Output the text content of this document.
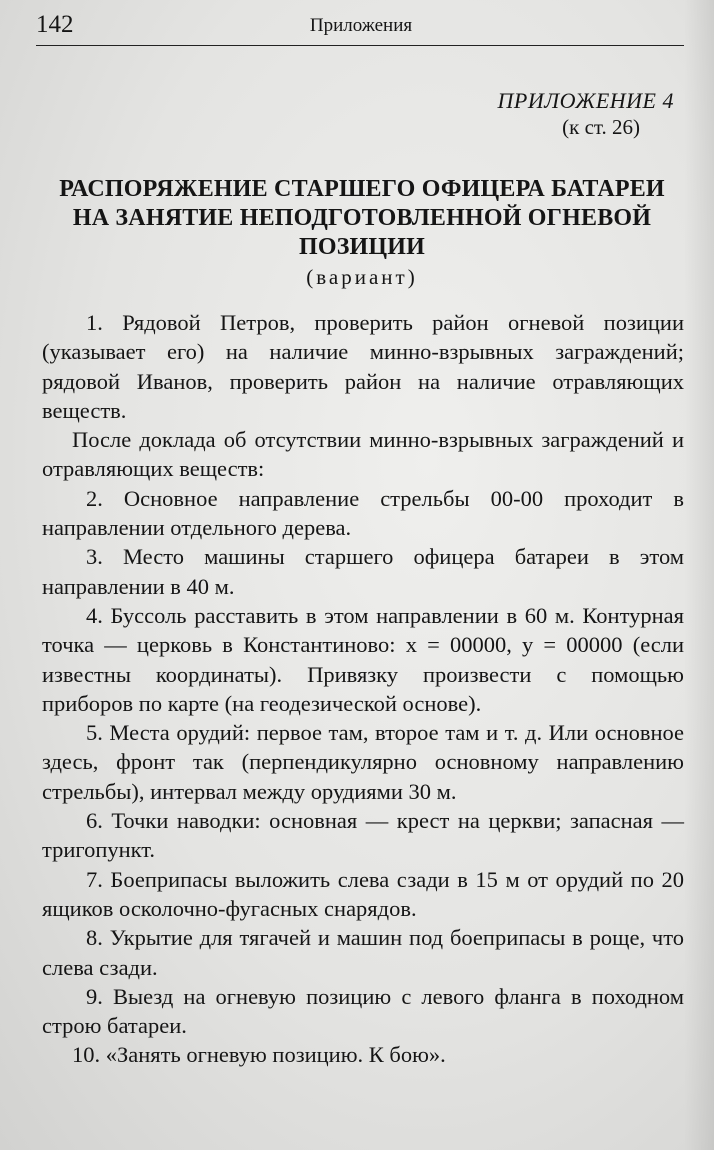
142	Приложения
ПРИЛОЖЕНИЕ 4
(к ст. 26)
РАСПОРЯЖЕНИЕ СТАРШЕГО ОФИЦЕРА БАТАРЕИ НА ЗАНЯТИЕ НЕПОДГОТОВЛЕННОЙ ОГНЕВОЙ ПОЗИЦИИ
(вариант)

1. Рядовой Петров, проверить район огневой позиции (указывает его) на наличие минно-взрывных заграждений; рядовой Иванов, проверить район на наличие отравляющих веществ.

После доклада об отсутствии минно-взрывных заграждений и отравляющих веществ:

2. Основное направление стрельбы 00-00 проходит в направлении отдельного дерева.

3. Место машины старшего офицера батареи в этом направлении в 40 м.

4. Буссоль расставить в этом направлении в 60 м. Контурная точка — церковь в Константиново: x = 00000, y = 00000 (если известны координаты). Привязку произвести с помощью приборов по карте (на геодезической основе).

5. Места орудий: первое там, второе там и т. д. Или основное здесь, фронт так (перпендикулярно основному направлению стрельбы), интервал между орудиями 30 м.

6. Точки наводки: основная — крест на церкви; запасная — тригопункт.

7. Боеприпасы выложить слева сзади в 15 м от орудий по 20 ящиков осколочно-фугасных снарядов.

8. Укрытие для тягачей и машин под боеприпасы в роще, что слева сзади.

9. Выезд на огневую позицию с левого фланга в походном строю батареи.

10. «Занять огневую позицию. К бою».
